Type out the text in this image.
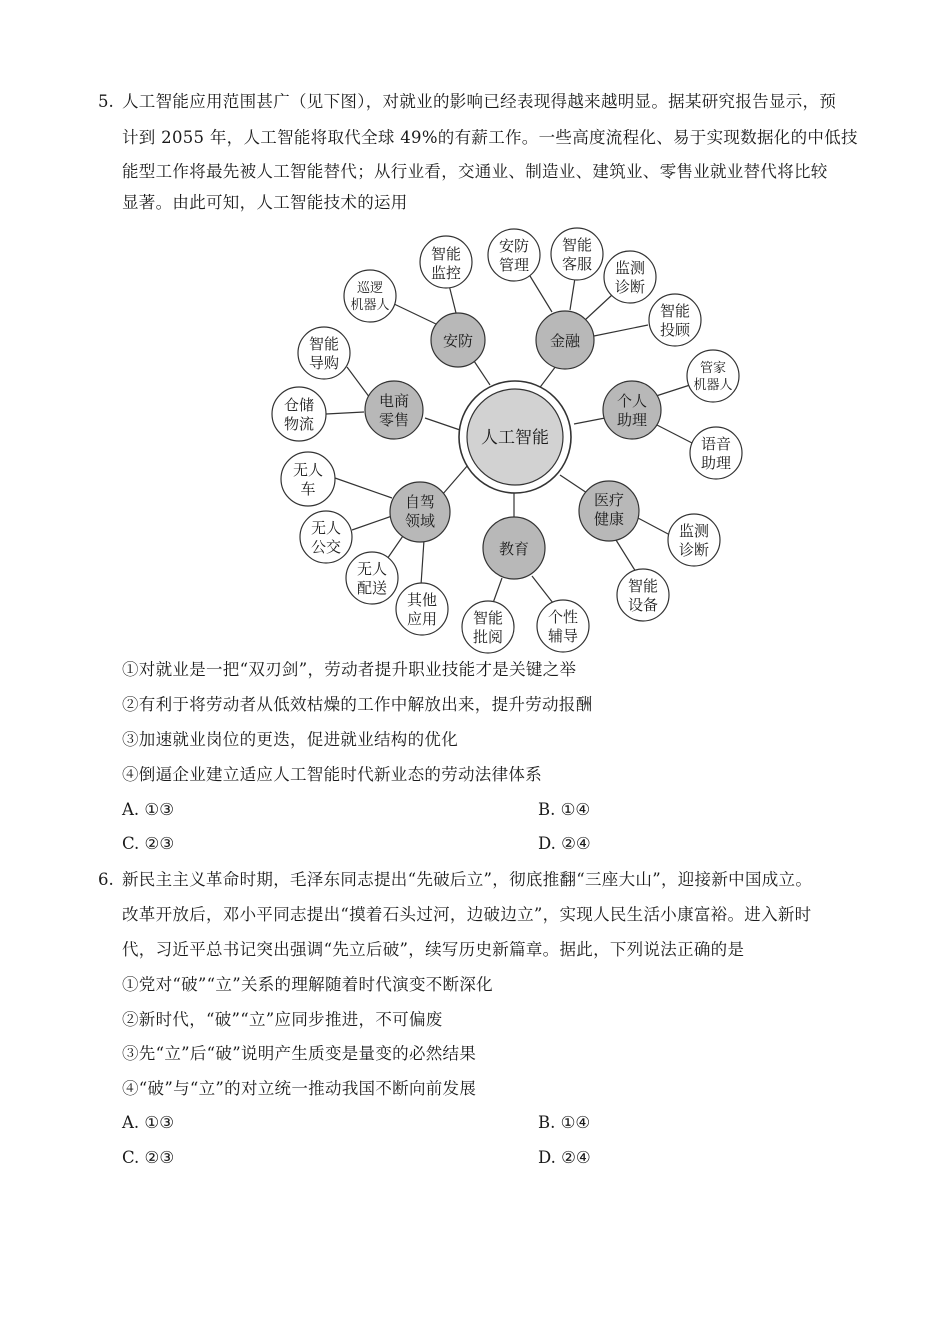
5. 人工智能应用范围甚广（见下图），对就业的影响已经表现得越来越明显。据某研究报告显示，预
计到 2055 年，人工智能将取代全球 49%的有薪工作。一些高度流程化、易于实现数据化的中低技
能型工作将最先被人工智能替代；从行业看，交通业、制造业、建筑业、零售业就业替代将比较
显著。由此可知，人工智能技术的运用
人工智能
安防	金融
电商
零售
个人
助理
自驾
领域
教育
医疗
健康
巡逻
机器人
智能
监控
安防
管理
智能
客服 监测
诊断
智能
投顾
智能
导购
仓储
物流
管家
机器人
语音
助理
无人
车
无人
公交
无人
配送
其他
应用 智能
批阅
个性
辅导
监测
诊断
智能
设备
①对就业是一把“双刃剑”，劳动者提升职业技能才是关键之举
②有利于将劳动者从低效枯燥的工作中解放出来，提升劳动报酬
③加速就业岗位的更迭，促进就业结构的优化
④倒逼企业建立适应人工智能时代新业态的劳动法律体系
A. ①③	B. ①④
C. ②③	D. ②④
6. 新民主主义革命时期，毛泽东同志提出“先破后立”，彻底推翻“三座大山”，迎接新中国成立。
改革开放后，邓小平同志提出“摸着石头过河，边破边立”，实现人民生活小康富裕。进入新时
代，习近平总书记突出强调“先立后破”，续写历史新篇章。据此，下列说法正确的是
①党对“破”“立”关系的理解随着时代演变不断深化
②新时代，“破”“立”应同步推进，不可偏废
③先“立”后“破”说明产生质变是量变的必然结果
④“破”与“立”的对立统一推动我国不断向前发展
A. ①③	B. ①④
C. ②③	D. ②④
